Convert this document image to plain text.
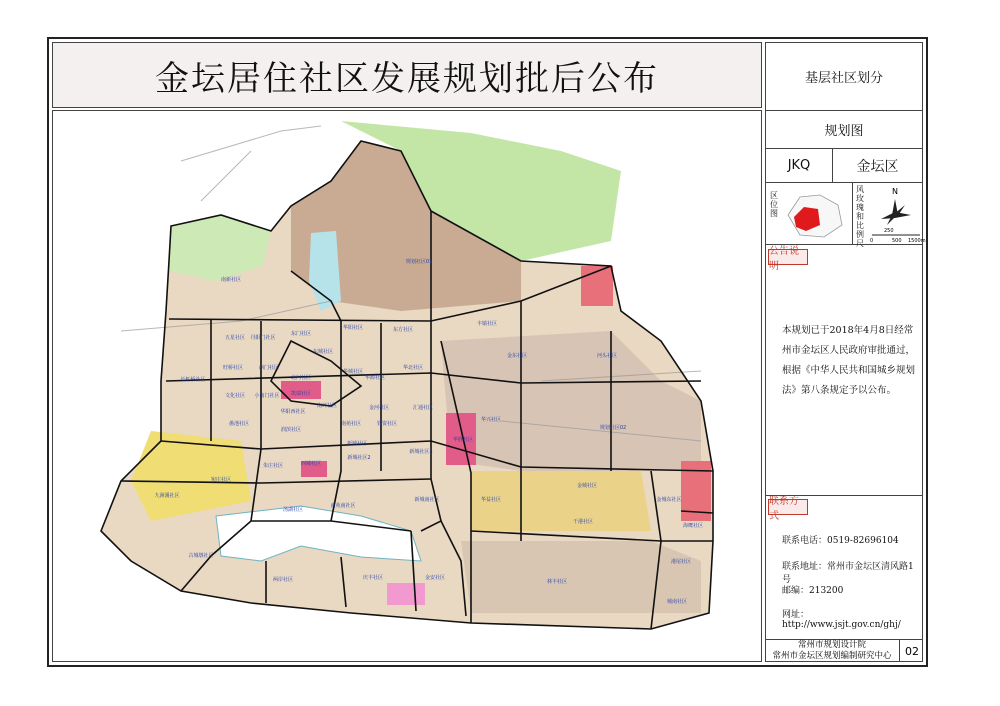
金坛居住社区发展规划批后公布
南新社区
五星社区 丹阳门社区
东门社区
华阳社区	东方社区
丰镇社区
旺桥社区	西门社区
北门社区
东城社区
华城社区
华北社区
金东社区	河头社区
长虹桥社区
文化社区 小南门社区 凯瑞社区
华源社区
南环社区
华阳西社区
金河社区	汇通社区
华兴社区
规划社区02
愚池社区
润滨社区
南苑社区	钱资社区
华胜社区
朱庄社区	西城社区
新城社区
新城社区2
新城社区3
宛庄社区
九洲溪社区
金城社区
汤湖社区
华益社区
新城南社区
南苑南社区
干港社区
金城东社区
海鹰社区
古城墩社区
港尾社区
两岸社区	庆丰社区	金安社区
林丰社区
城南社区
规划社区01
基层社区划分
规划图
JKQ	金坛区
区位图
风玫瑰和比例尺
N
0
250
500 1500m
公告说明
本规划已于2018年4月8日经常州市金坛区人民政府审批通过，根据《中华人民共和国城乡规划法》第八条规定予以公布。
联系方式
联系电话：0519-82696104
联系地址：常州市金坛区清风路1号
邮编：213200
网址：http://www.jsjt.gov.cn/ghj/
常州市规划设计院
常州市金坛区规划编制研究中心	02
